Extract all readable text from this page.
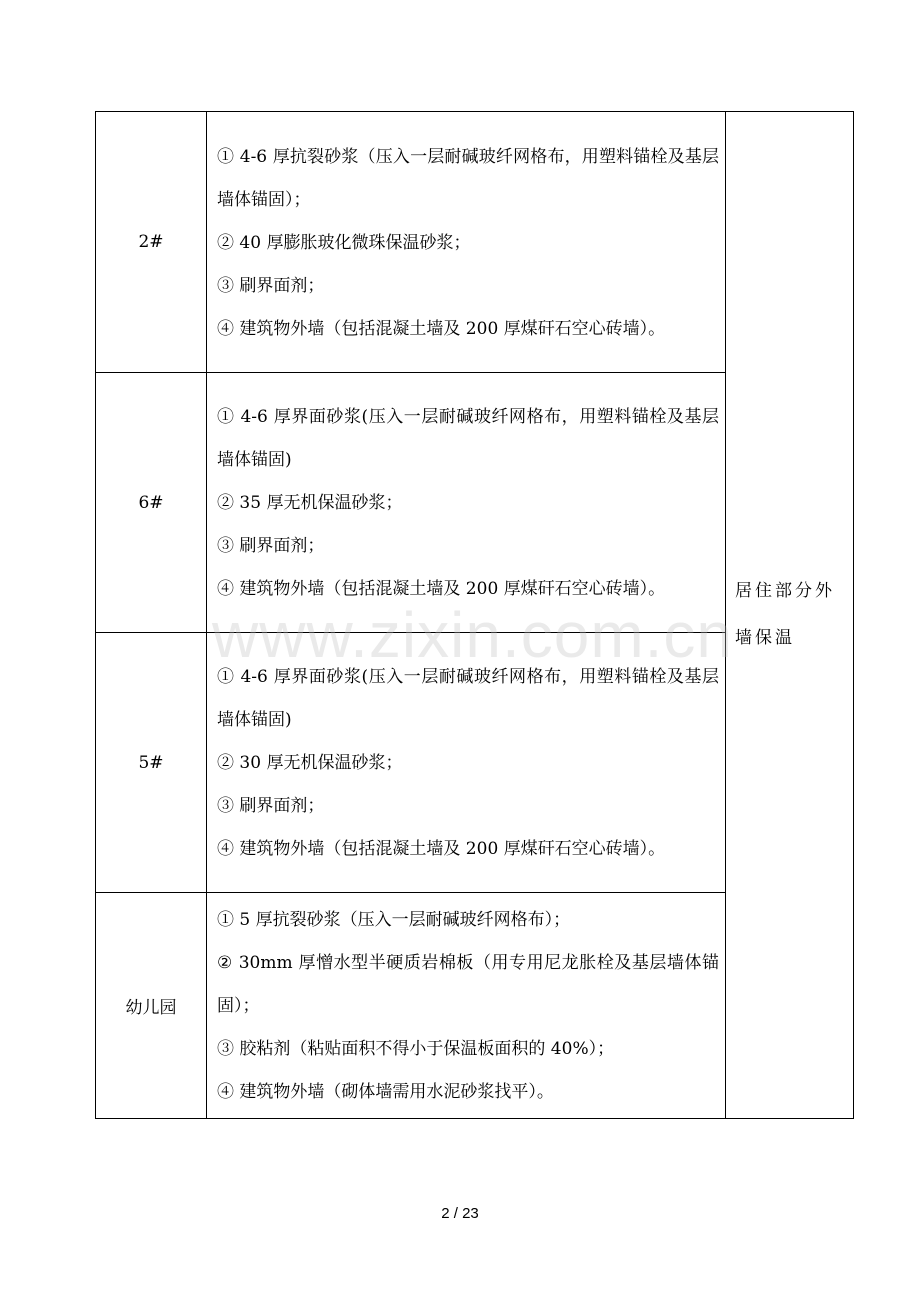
www.zixin.com.cn
2#	① 4-6 厚抗裂砂浆（压入一层耐碱玻纤网格布，用塑料锚栓及基层墙体锚固）；
② 40 厚膨胀玻化微珠保温砂浆；
③ 刷界面剂；
④ 建筑物外墙（包括混凝土墙及 200 厚煤矸石空心砖墙）。	居住部分外墙保温

6#	① 4-6 厚界面砂浆(压入一层耐碱玻纤网格布，用塑料锚栓及基层墙体锚固)
② 35 厚无机保温砂浆；
③ 刷界面剂；
④ 建筑物外墙（包括混凝土墙及 200 厚煤矸石空心砖墙）。	

5#	① 4-6 厚界面砂浆(压入一层耐碱玻纤网格布，用塑料锚栓及基层墙体锚固)
② 30 厚无机保温砂浆；
③ 刷界面剂；
④ 建筑物外墙（包括混凝土墙及 200 厚煤矸石空心砖墙）。	

幼儿园	① 5 厚抗裂砂浆（压入一层耐碱玻纤网格布）；
② 30mm 厚憎水型半硬质岩棉板（用专用尼龙胀栓及基层墙体锚固）；
③ 胶粘剂（粘贴面积不得小于保温板面积的 40%）；
④ 建筑物外墙（砌体墙需用水泥砂浆找平）。	
2 / 23
